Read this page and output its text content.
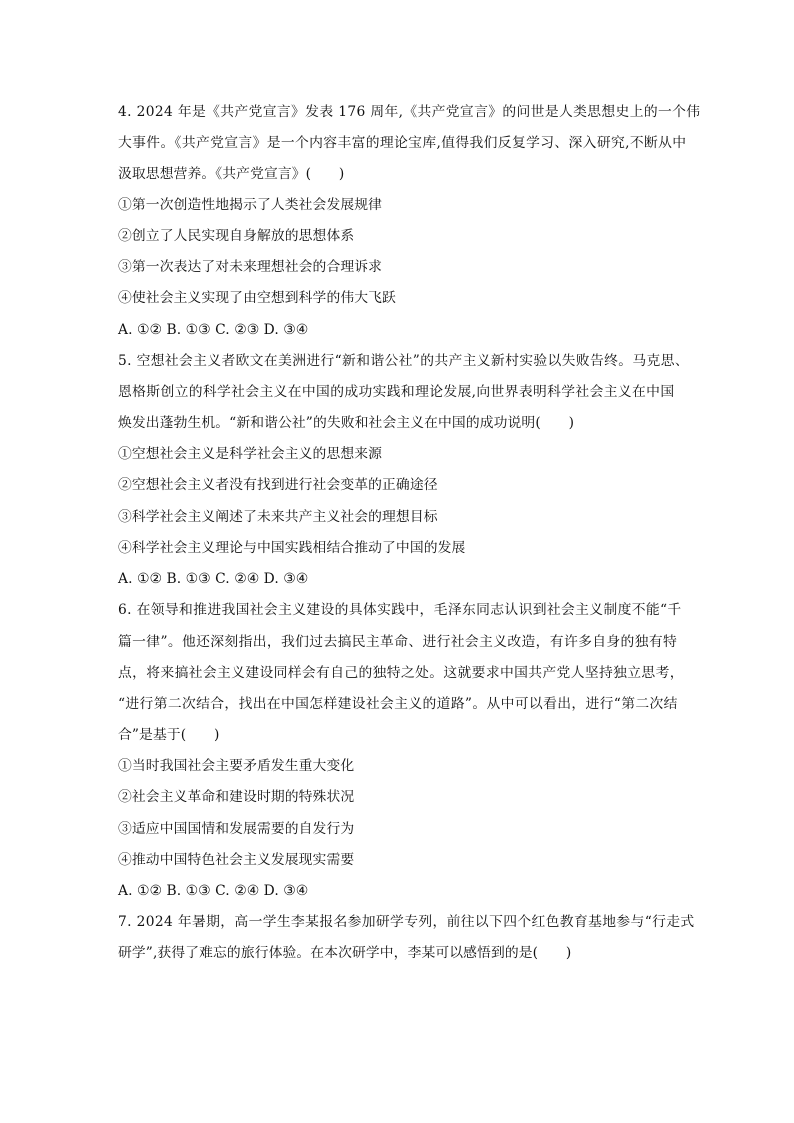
4. 2024 年是《共产党宣言》发表 176 周年,《共产党宣言》的问世是人类思想史上的一个伟
大事件。《共产党宣言》是一个内容丰富的理论宝库,值得我们反复学习、深入研究,不断从中
汲取思想营养。《共产党宣言》(　　)
①第一次创造性地揭示了人类社会发展规律
②创立了人民实现自身解放的思想体系
③第一次表达了对未来理想社会的合理诉求
④使社会主义实现了由空想到科学的伟大飞跃
A. ①② B. ①③ C. ②③ D. ③④
5. 空想社会主义者欧文在美洲进行“新和谐公社”的共产主义新村实验以失败告终。马克思、
恩格斯创立的科学社会主义在中国的成功实践和理论发展,向世界表明科学社会主义在中国
焕发出蓬勃生机。“新和谐公社”的失败和社会主义在中国的成功说明(　　)
①空想社会主义是科学社会主义的思想来源
②空想社会主义者没有找到进行社会变革的正确途径
③科学社会主义阐述了未来共产主义社会的理想目标
④科学社会主义理论与中国实践相结合推动了中国的发展
A. ①② B. ①③ C. ②④ D. ③④
6. 在领导和推进我国社会主义建设的具体实践中，毛泽东同志认识到社会主义制度不能“千
篇一律”。他还深刻指出，我们过去搞民主革命、进行社会主义改造，有许多自身的独有特
点，将来搞社会主义建设同样会有自己的独特之处。这就要求中国共产党人坚持独立思考，
“进行第二次结合，找出在中国怎样建设社会主义的道路”。从中可以看出，进行“第二次结
合”是基于(　　)
①当时我国社会主要矛盾发生重大变化
②社会主义革命和建设时期的特殊状况
③适应中国国情和发展需要的自发行为
④推动中国特色社会主义发展现实需要
A. ①② B. ①③ C. ②④ D. ③④
7. 2024 年暑期，高一学生李某报名参加研学专列，前往以下四个红色教育基地参与“行走式
研学”,获得了难忘的旅行体验。在本次研学中，李某可以感悟到的是(　　)
